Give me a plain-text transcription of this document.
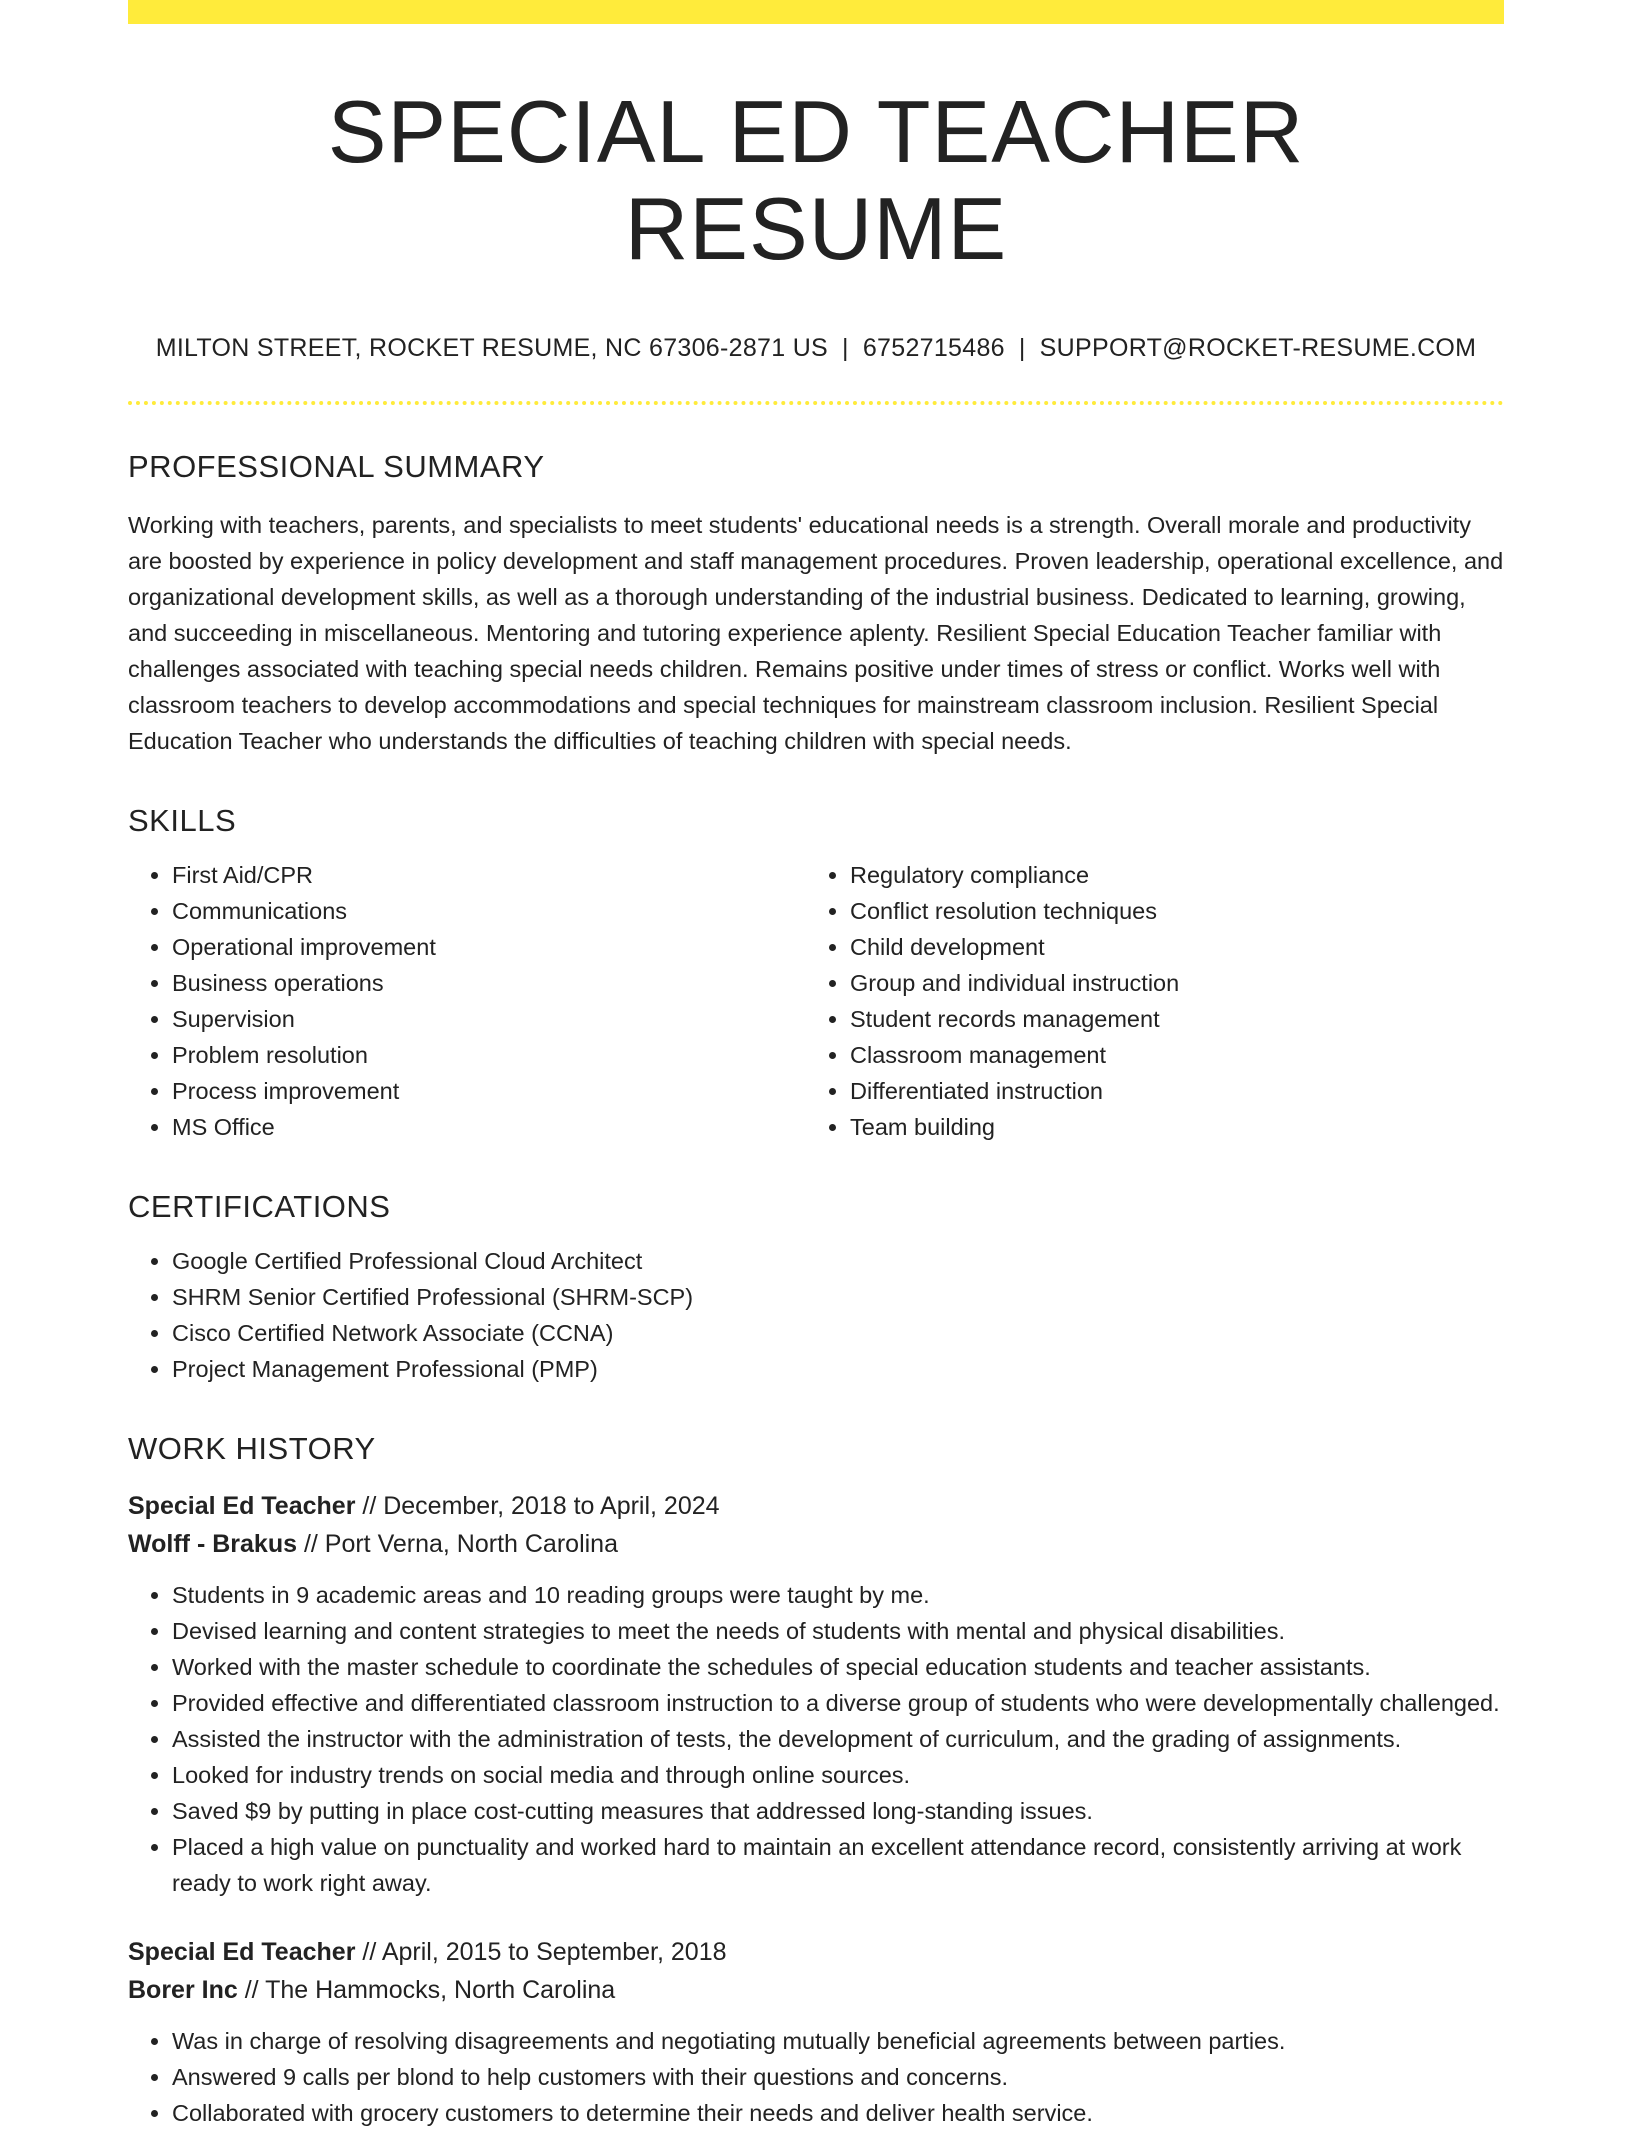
SPECIAL ED TEACHER RESUME
MILTON STREET, ROCKET RESUME, NC 67306-2871 US | 6752715486 | SUPPORT@ROCKET-RESUME.COM
PROFESSIONAL SUMMARY
Working with teachers, parents, and specialists to meet students' educational needs is a strength. Overall morale and productivity are boosted by experience in policy development and staff management procedures. Proven leadership, operational excellence, and organizational development skills, as well as a thorough understanding of the industrial business. Dedicated to learning, growing, and succeeding in miscellaneous. Mentoring and tutoring experience aplenty. Resilient Special Education Teacher familiar with challenges associated with teaching special needs children. Remains positive under times of stress or conflict. Works well with classroom teachers to develop accommodations and special techniques for mainstream classroom inclusion. Resilient Special Education Teacher who understands the difficulties of teaching children with special needs.
SKILLS
• First Aid/CPR
• Communications
• Operational improvement
• Business operations
• Supervision
• Problem resolution
• Process improvement
• MS Office
• Regulatory compliance
• Conflict resolution techniques
• Child development
• Group and individual instruction
• Student records management
• Classroom management
• Differentiated instruction
• Team building
CERTIFICATIONS
• Google Certified Professional Cloud Architect
• SHRM Senior Certified Professional (SHRM-SCP)
• Cisco Certified Network Associate (CCNA)
• Project Management Professional (PMP)
WORK HISTORY
Special Ed Teacher // December, 2018 to April, 2024
Wolff - Brakus // Port Verna, North Carolina
• Students in 9 academic areas and 10 reading groups were taught by me.
• Devised learning and content strategies to meet the needs of students with mental and physical disabilities.
• Worked with the master schedule to coordinate the schedules of special education students and teacher assistants.
• Provided effective and differentiated classroom instruction to a diverse group of students who were developmentally challenged.
• Assisted the instructor with the administration of tests, the development of curriculum, and the grading of assignments.
• Looked for industry trends on social media and through online sources.
• Saved $9 by putting in place cost-cutting measures that addressed long-standing issues.
• Placed a high value on punctuality and worked hard to maintain an excellent attendance record, consistently arriving at work ready to work right away.
Special Ed Teacher // April, 2015 to September, 2018
Borer Inc // The Hammocks, North Carolina
• Was in charge of resolving disagreements and negotiating mutually beneficial agreements between parties.
• Answered 9 calls per blond to help customers with their questions and concerns.
• Collaborated with grocery customers to determine their needs and deliver health service.
